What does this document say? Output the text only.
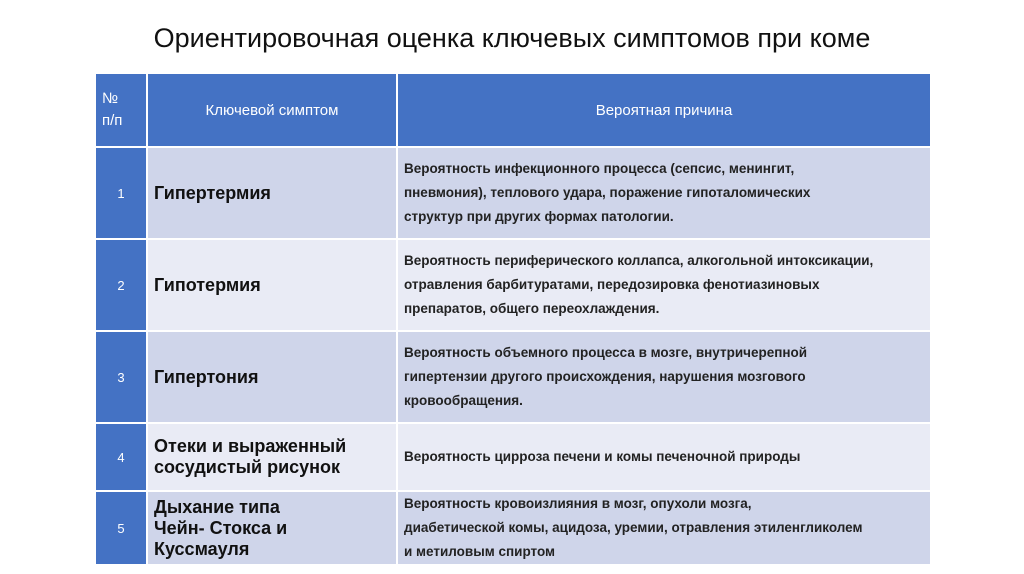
Ориентировочная оценка ключевых симптомов при коме
№
п/п	Ключевой симптом	Вероятная причина
1	Гипертермия	Вероятность инфекционного процесса (сепсис, менингит,
пневмония), теплового удара, поражение гипоталомических
структур при других формах патологии.

2	Гипотермия	Вероятность периферического коллапса, алкогольной интоксикации,
отравления барбитуратами, передозировка фенотиазиновых
препаратов, общего переохлаждения.

3	Гипертония	Вероятность объемного процесса в мозге, внутричерепной
гипертензии другого происхождения, нарушения мозгового
кровообращения.

4	Отеки и выраженный
сосудистый рисунок	Вероятность цирроза печени и комы печеночной природы

5	Дыхание типа
Чейн- Стокса и
Куссмауля	Вероятность кровоизлияния в мозг, опухоли мозга,
диабетической комы, ацидоза, уремии, отравления этиленгликолем
и метиловым спиртом
